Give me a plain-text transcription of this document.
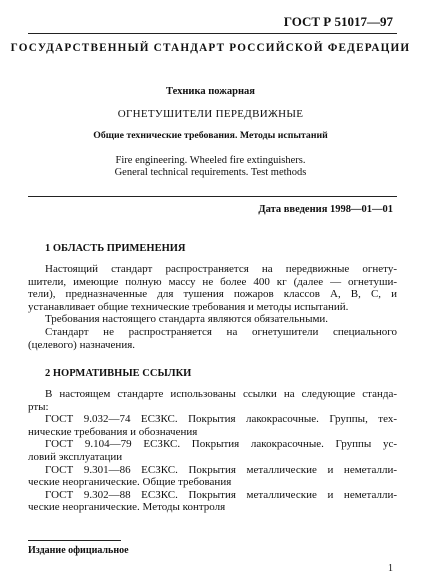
ГОСТ Р 51017—97
ГОСУДАРСТВЕННЫЙ СТАНДАРТ РОССИЙСКОЙ ФЕДЕРАЦИИ
Техника пожарная
ОГНЕТУШИТЕЛИ ПЕРЕДВИЖНЫЕ
Общие технические требования. Методы испытаний
Fire engineering. Wheeled fire extinguishers.
General technical requirements. Test methods
Дата введения 1998—01—01
1 ОБЛАСТЬ ПРИМЕНЕНИЯ
Настоящий стандарт распространяется на передвижные огнету-
шители, имеющие полную массу не более 400 кг (далее — огнетуши-
тели), предназначенные для тушения пожаров классов А, В, С, и
устанавливает общие технические требования и методы испытаний.
Требования настоящего стандарта являются обязательными.
Стандарт не распространяется на огнетушители специального
(целевого) назначения.
2 НОРМАТИВНЫЕ ССЫЛКИ
В настоящем стандарте использованы ссылки на следующие станда-
рты:
ГОСТ 9.032—74 ЕСЗКС. Покрытия лакокрасочные. Группы, тех-
нические требования и обозначения
ГОСТ 9.104—79 ЕСЗКС. Покрытия лакокрасочные. Группы ус-
ловий эксплуатации
ГОСТ 9.301—86 ЕСЗКС. Покрытия металлические и неметалли-
ческие неорганические. Общие требования
ГОСТ 9.302—88 ЕСЗКС. Покрытия металлические и неметалли-
ческие неорганические. Методы контроля
Издание официальное
1
